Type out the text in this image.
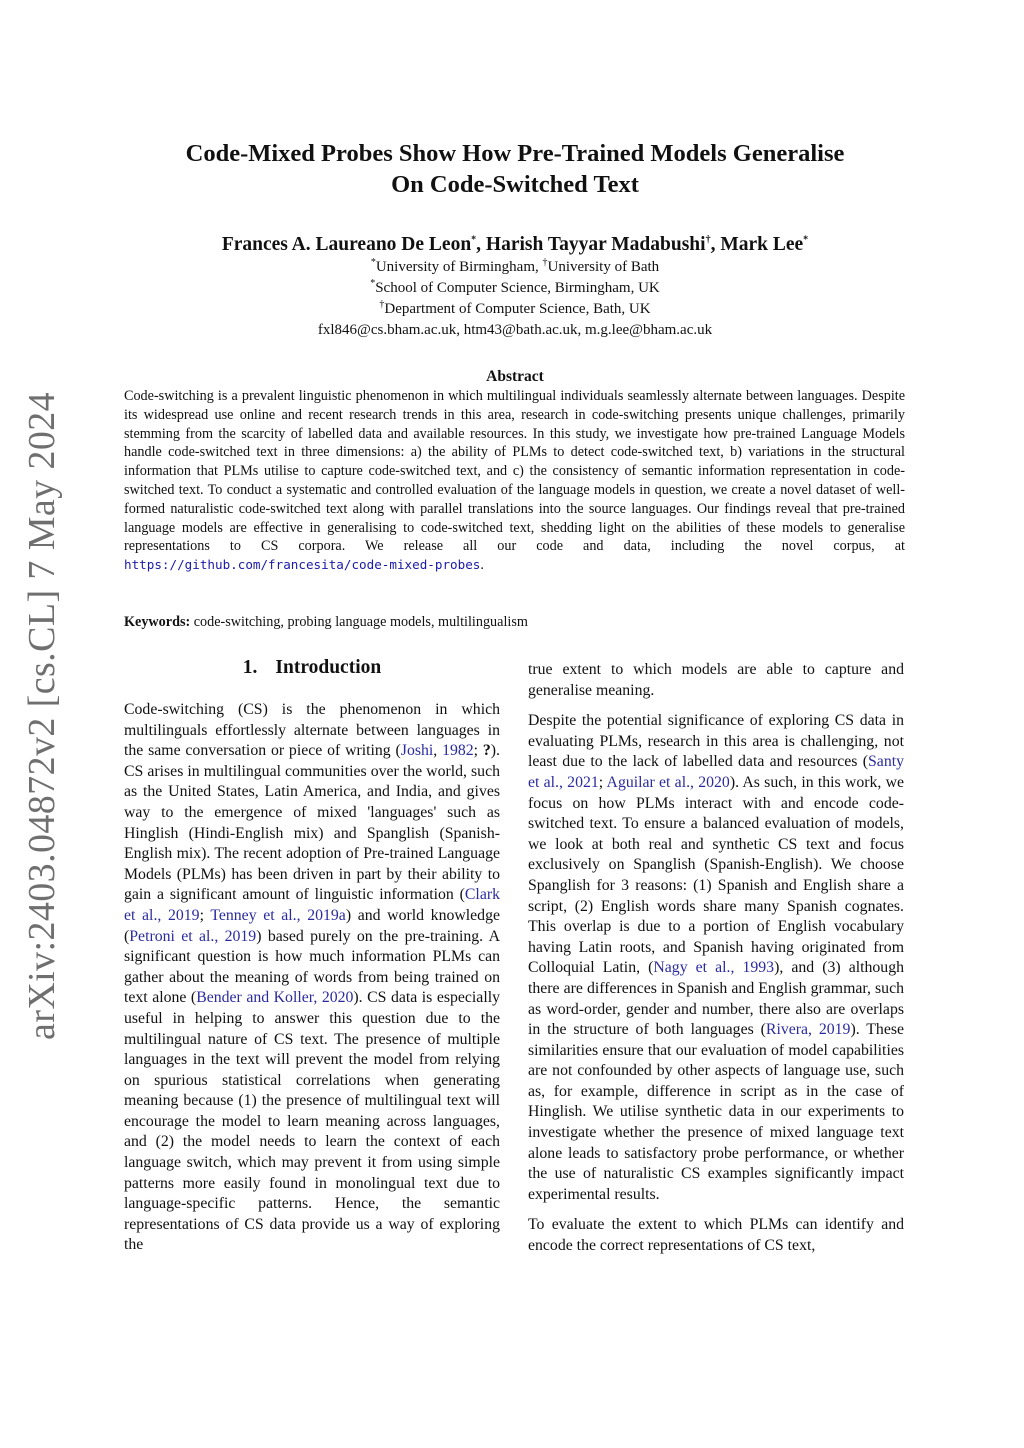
arXiv:2403.04872v2 [cs.CL] 7 May 2024
Code-Mixed Probes Show How Pre-Trained Models Generalise
On Code-Switched Text
Frances A. Laureano De Leon*, Harish Tayyar Madabushi†, Mark Lee*
*University of Birmingham, †University of Bath
*School of Computer Science, Birmingham, UK
†Department of Computer Science, Bath, UK
fxl846@cs.bham.ac.uk, htm43@bath.ac.uk, m.g.lee@bham.ac.uk
Abstract
Code-switching is a prevalent linguistic phenomenon in which multilingual individuals seamlessly alternate between languages. Despite its widespread use online and recent research trends in this area, research in code-switching presents unique challenges, primarily stemming from the scarcity of labelled data and available resources. In this study, we investigate how pre-trained Language Models handle code-switched text in three dimensions: a) the ability of PLMs to detect code-switched text, b) variations in the structural information that PLMs utilise to capture code-switched text, and c) the consistency of semantic information representation in code-switched text. To conduct a systematic and controlled evaluation of the language models in question, we create a novel dataset of well-formed naturalistic code-switched text along with parallel translations into the source languages. Our findings reveal that pre-trained language models are effective in generalising to code-switched text, shedding light on the abilities of these models to generalise representations to CS corpora. We release all our code and data, including the novel corpus, at https://github.com/francesita/code-mixed-probes.
Keywords: code-switching, probing language models, multilingualism
1. Introduction

Code-switching (CS) is the phenomenon in which multilinguals effortlessly alternate between languages in the same conversation or piece of writing (Joshi, 1982; ?). CS arises in multilingual communities over the world, such as the United States, Latin America, and India, and gives way to the emergence of mixed 'languages' such as Hinglish (Hindi-English mix) and Spanglish (Spanish-English mix). The recent adoption of Pre-trained Language Models (PLMs) has been driven in part by their ability to gain a significant amount of linguistic information (Clark et al., 2019; Tenney et al., 2019a) and world knowledge (Petroni et al., 2019) based purely on the pre-training. A significant question is how much information PLMs can gather about the meaning of words from being trained on text alone (Bender and Koller, 2020). CS data is especially useful in helping to answer this question due to the multilingual nature of CS text. The presence of multiple languages in the text will prevent the model from relying on spurious statistical correlations when generating meaning because (1) the presence of multilingual text will encourage the model to learn meaning across languages, and (2) the model needs to learn the context of each language switch, which may prevent it from using simple patterns more easily found in monolingual text due to language-specific patterns. Hence, the semantic representations of CS data provide us a way of exploring the

true extent to which models are able to capture and generalise meaning.

Despite the potential significance of exploring CS data in evaluating PLMs, research in this area is challenging, not least due to the lack of labelled data and resources (Santy et al., 2021; Aguilar et al., 2020). As such, in this work, we focus on how PLMs interact with and encode code-switched text. To ensure a balanced evaluation of models, we look at both real and synthetic CS text and focus exclusively on Spanglish (Spanish-English). We choose Spanglish for 3 reasons: (1) Spanish and English share a script, (2) English words share many Spanish cognates. This overlap is due to a portion of English vocabulary having Latin roots, and Spanish having originated from Colloquial Latin, (Nagy et al., 1993), and (3) although there are differences in Spanish and English grammar, such as word-order, gender and number, there also are overlaps in the structure of both languages (Rivera, 2019). These similarities ensure that our evaluation of model capabilities are not confounded by other aspects of language use, such as, for example, difference in script as in the case of Hinglish. We utilise synthetic data in our experiments to investigate whether the presence of mixed language text alone leads to satisfactory probe performance, or whether the use of naturalistic CS examples significantly impact experimental results.

To evaluate the extent to which PLMs can identify and encode the correct representations of CS text,
